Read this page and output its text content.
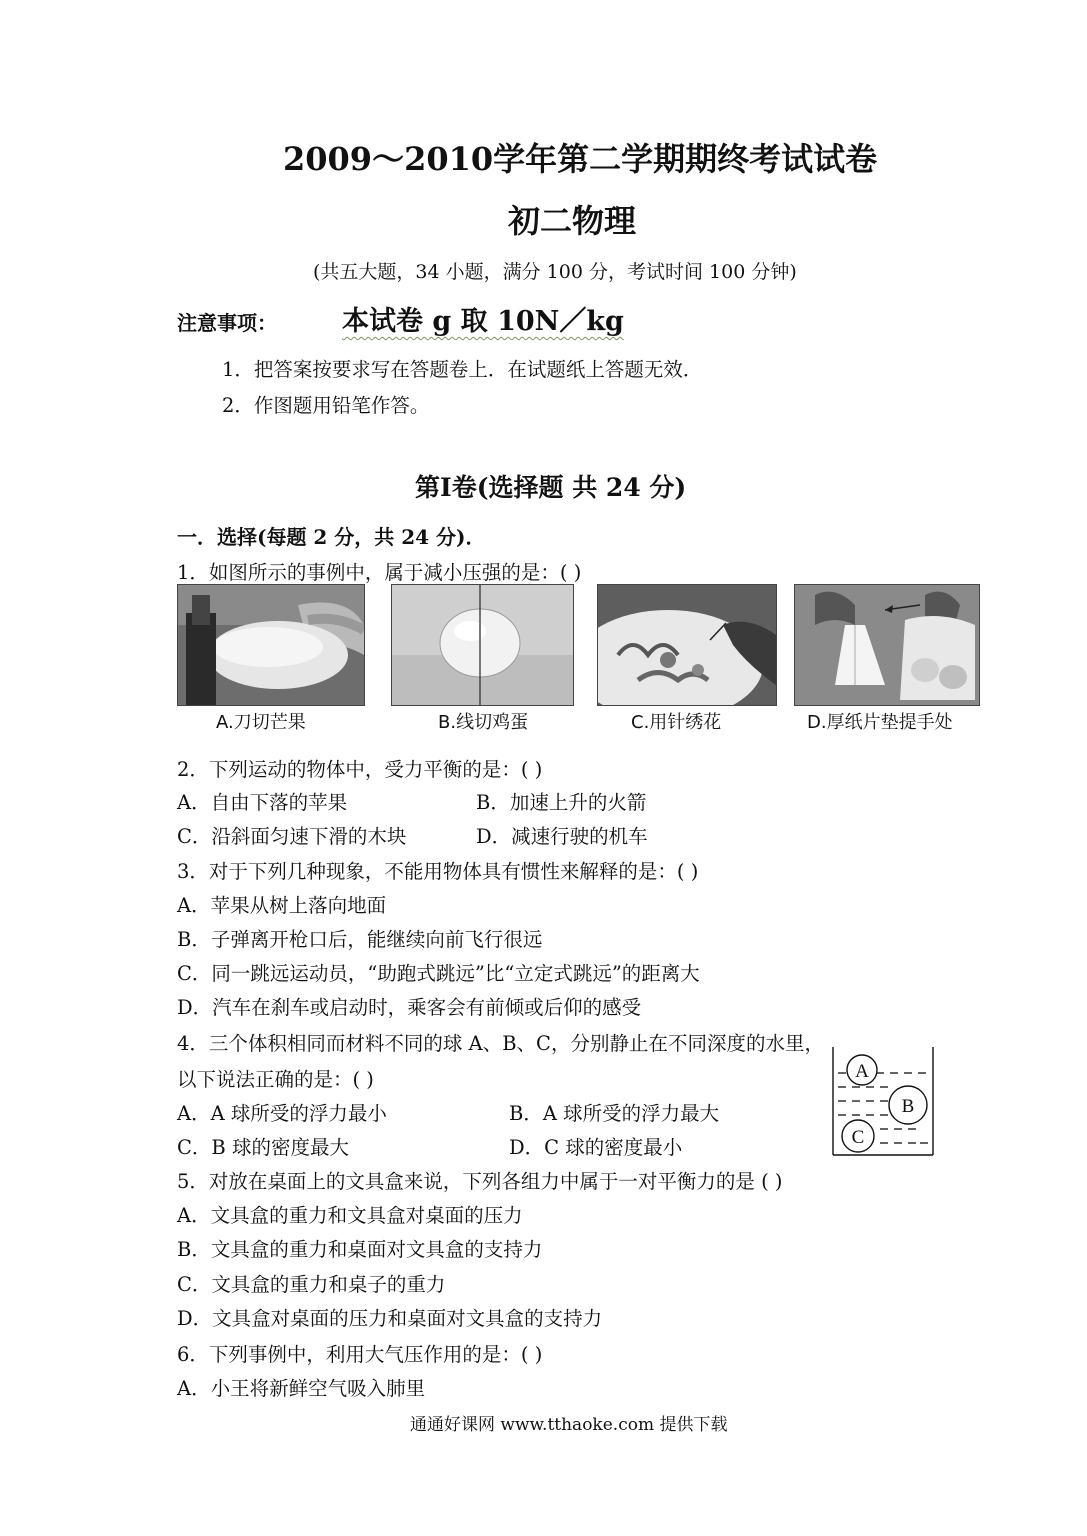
2009～2010学年第二学期期终考试试卷
初二物理
(共五大题，34 小题，满分 100 分，考试时间 100 分钟)
注意事项： 本试卷 g 取 10N／kg
1．把答案按要求写在答题卷上．在试题纸上答题无效．
2．作图题用铅笔作答。
第Ⅰ卷(选择题 共 24 分)
一．选择(每题 2 分，共 24 分)．
1．如图所示的事例中，属于减小压强的是：( )
A.刀切芒果	B.线切鸡蛋	C.用针绣花	D.厚纸片垫提手处
2．下列运动的物体中，受力平衡的是：( )
A．自由下落的苹果	B．加速上升的火箭
C．沿斜面匀速下滑的木块	D．减速行驶的机车
3．对于下列几种现象，不能用物体具有惯性来解释的是：( )
A．苹果从树上落向地面
B．子弹离开枪口后，能继续向前飞行很远
C．同一跳远运动员，“助跑式跳远”比“立定式跳远”的距离大
D．汽车在刹车或启动时，乘客会有前倾或后仰的感受
4．三个体积相同而材料不同的球 A、B、C，分别静止在不同深度的水里，
以下说法正确的是：( )
A．A 球所受的浮力最小	B．A 球所受的浮力最大
C．B 球的密度最大	D．C 球的密度最小
A
B
C
5．对放在桌面上的文具盒来说，下列各组力中属于一对平衡力的是 ( )
A．文具盒的重力和文具盒对桌面的压力
B．文具盒的重力和桌面对文具盒的支持力
C．文具盒的重力和桌子的重力
D．文具盒对桌面的压力和桌面对文具盒的支持力
6．下列事例中，利用大气压作用的是：( )
A．小王将新鲜空气吸入肺里
通通好课网 www.tthaoke.com 提供下载
